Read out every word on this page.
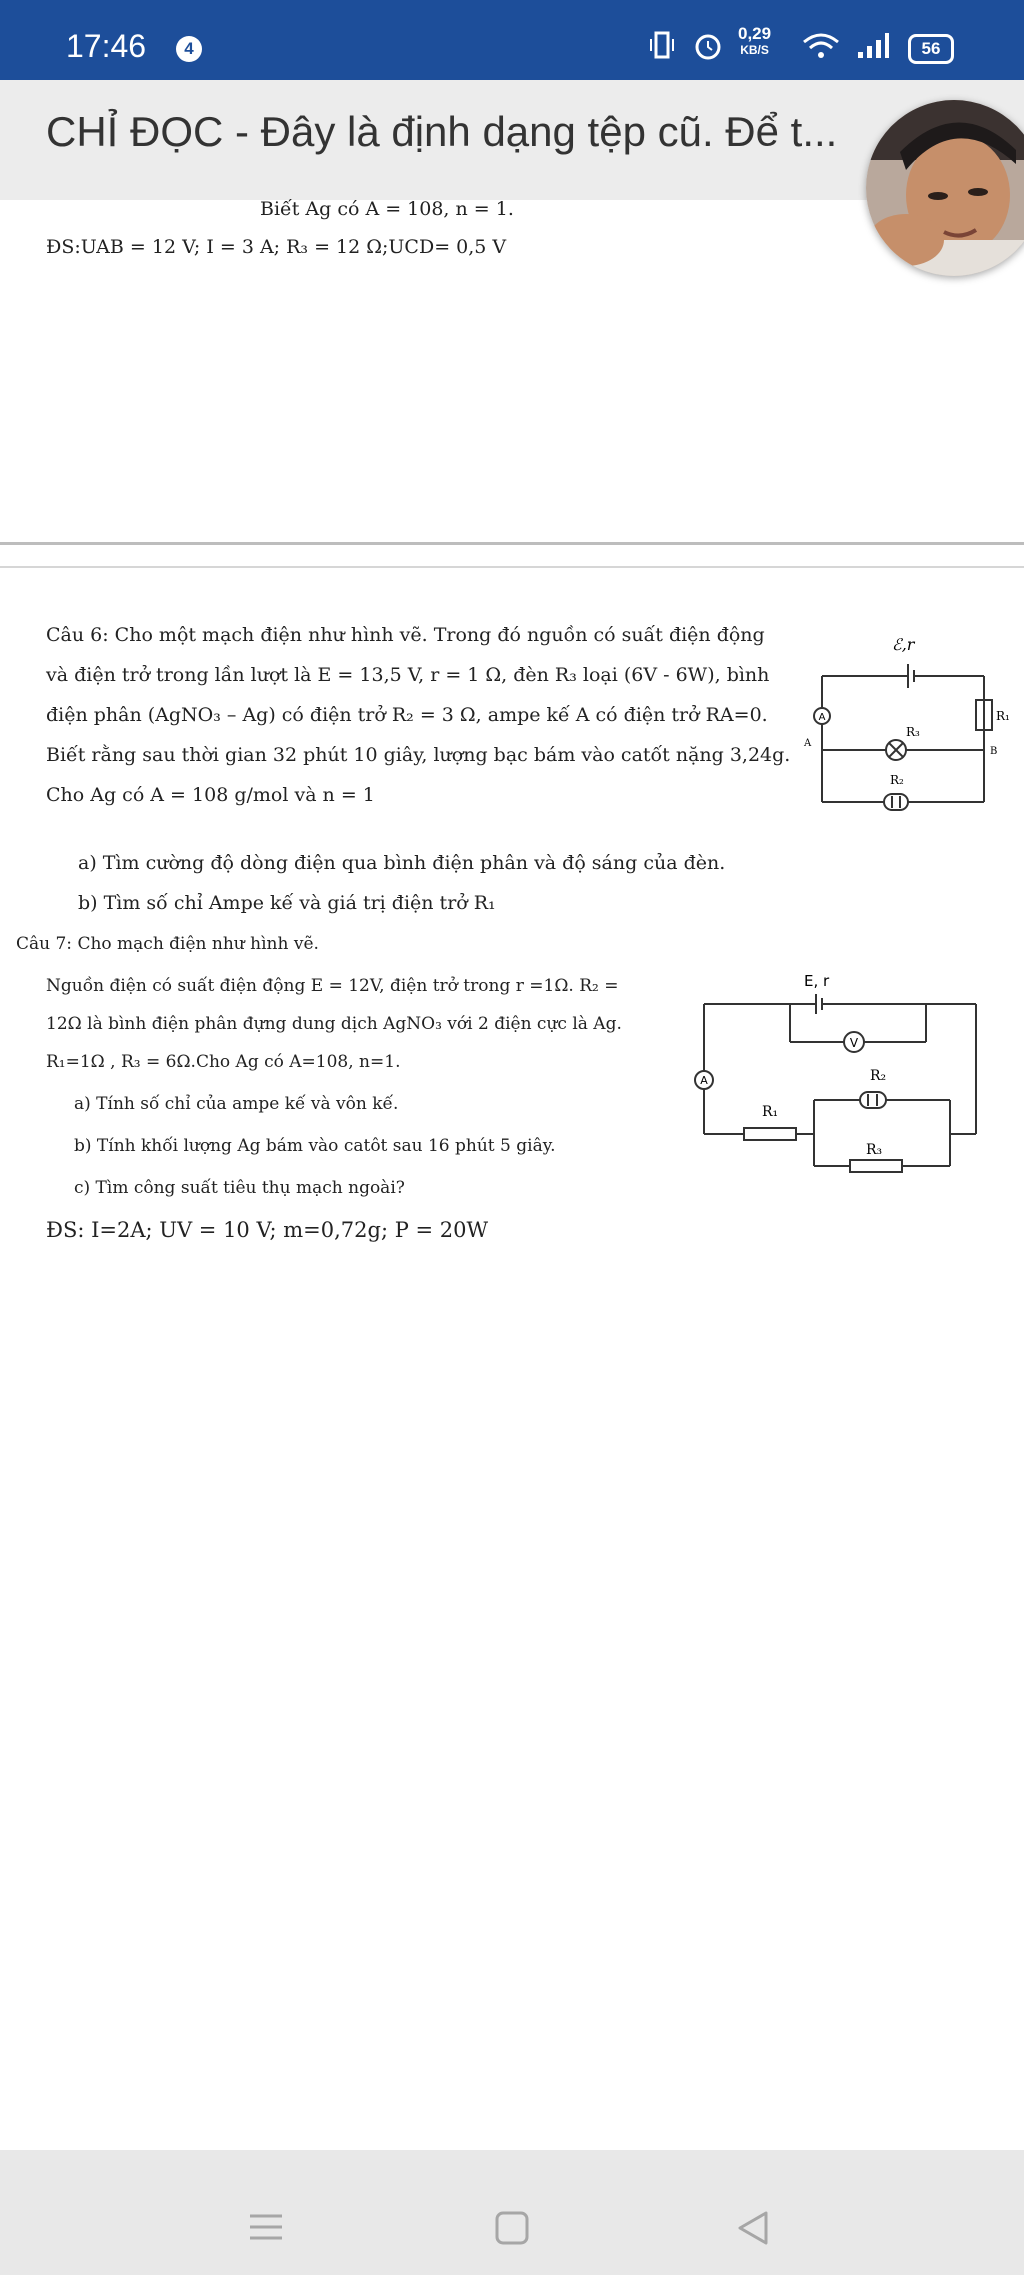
17:46	4
0,29
KB/S	56
CHỈ ĐỌC - Đây là định dạng tệp cũ. Để t...
Biết Ag có A = 108, n = 1.
ĐS:UAB = 12 V; I = 3 A; R₃ = 12 Ω;UCD= 0,5 V
Câu 6: Cho một mạch điện như hình vẽ. Trong đó nguồn có suất điện động
và điện trở trong lần lượt là E = 13,5 V, r = 1 Ω, đèn R₃ loại (6V - 6W), bình
điện phân (AgNO₃ – Ag) có điện trở R₂ = 3 Ω, ampe kế A có điện trở RA=0.
Biết rằng sau thời gian 32 phút 10 giây, lượng bạc bám vào catốt nặng 3,24g.
Cho Ag có A = 108 g/mol và n = 1
a) Tìm cường độ dòng điện qua bình điện phân và độ sáng của đèn.
b) Tìm số chỉ Ampe kế và giá trị điện trở R₁
A
ℰ,r
R₃
R₂
R₁
A
B
Câu 7: Cho mạch điện như hình vẽ.
Nguồn điện có suất điện động E = 12V, điện trở trong r =1Ω. R₂ =
12Ω là bình điện phân đựng dung dịch AgNO₃ với 2 điện cực là Ag.
R₁=1Ω , R₃ = 6Ω.Cho Ag có A=108, n=1.
a) Tính số chỉ của ampe kế và vôn kế.
b) Tính khối lượng Ag bám vào catôt sau 16 phút 5 giây.
c) Tìm công suất tiêu thụ mạch ngoài?
ĐS: I=2A; UV = 10 V; m=0,72g; P = 20W
V
A
E, r
R₁
R₂
R₃
